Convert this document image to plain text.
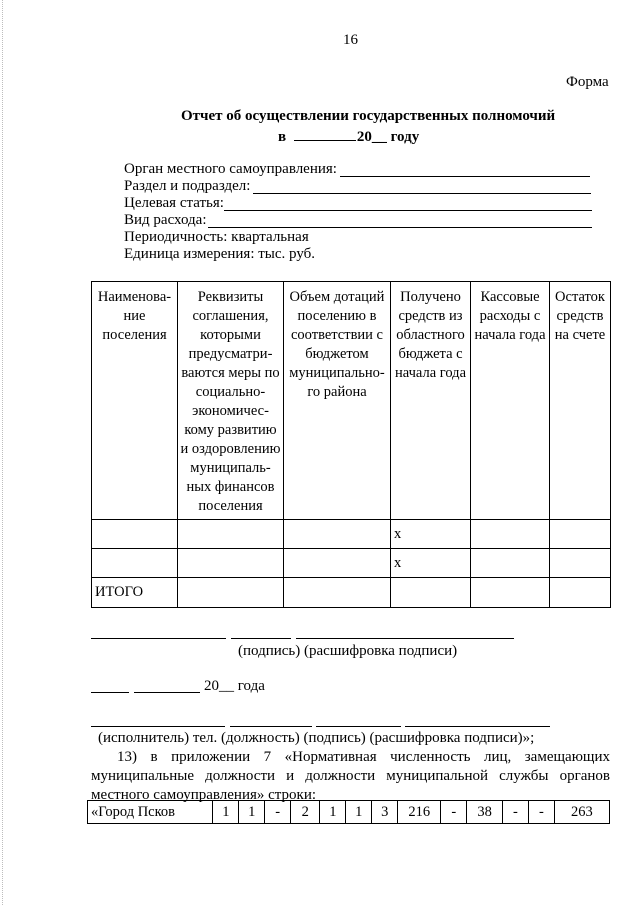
16
Форма
Отчет об осуществлении государственных полномочий
в	20__ году
Орган местного самоуправления:
Раздел и подраздел:
Целевая статья:
Вид расхода:
Периодичность: квартальная
Единица измерения: тыс. руб.
Наименова- ние поселения	Реквизиты соглашения, которыми предусматри- ваются меры по социально- экономичес- кому развитию и оздоровлению муниципаль- ных финансов поселения	Объем дотаций поселению в соответствии с бюджетом муниципально- го района	Получено средств из областного бюджета с начала года	Кассовые расходы с начала года	Остаток средств на счете
			x		
			x		
ИТОГО					
(подпись) (расшифровка подписи)
20__ года
(исполнитель) тел. (должность) (подпись) (расшифровка подписи)»;
13) в приложении 7 «Нормативная численность лиц, замещающих муниципальные должности и должности муниципальной службы органов местного самоуправления» строки:
«Город Псков	1	1	-	2	1	1	3	216	-	38	-	-	263
